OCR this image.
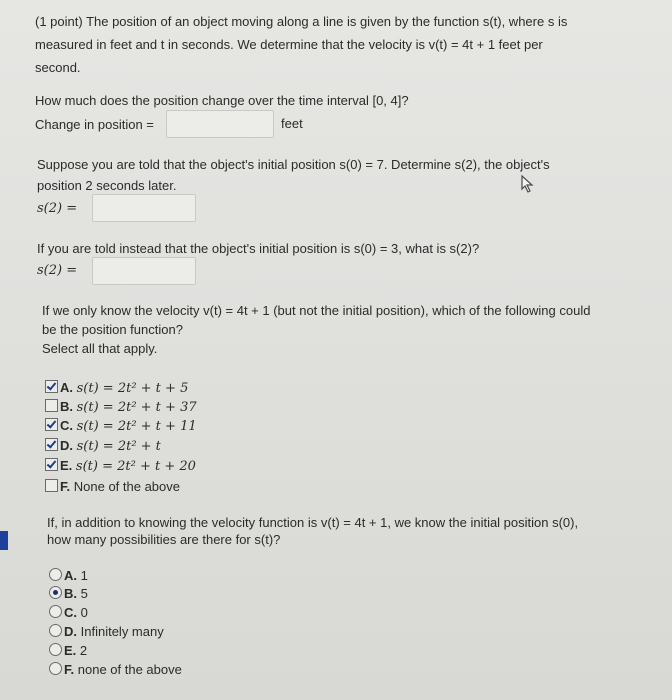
(1 point) The position of an object moving along a line is given by the function s(t), where s is
measured in feet and t in seconds. We determine that the velocity is v(t) = 4t + 1 feet per
second.
How much does the position change over the time interval [0, 4]?
Change in position =	feet
Suppose you are told that the object's initial position s(0) = 7. Determine s(2), the object's
position 2 seconds later.
s(2) =
If you are told instead that the object's initial position is s(0) = 3, what is s(2)?
s(2) =
If we only know the velocity v(t) = 4t + 1 (but not the initial position), which of the following could
be the position function?
Select all that apply.
A. s(t) = 2t² + t + 5
B. s(t) = 2t² + t + 37
C. s(t) = 2t² + t + 11
D. s(t) = 2t² + t
E. s(t) = 2t² + t + 20
F. None of the above
If, in addition to knowing the velocity function is v(t) = 4t + 1, we know the initial position s(0),
how many possibilities are there for s(t)?
A. 1
B. 5
C. 0
D. Infinitely many
E. 2
F. none of the above
